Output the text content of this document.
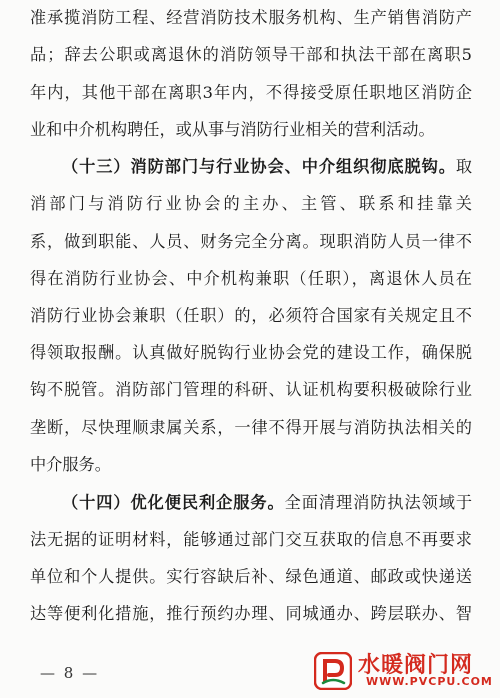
准承揽消防工程、经营消防技术服务机构、生产销售消防产
品；辞去公职或离退休的消防领导干部和执法干部在离职5
年内，其他干部在离职3年内，不得接受原任职地区消防企
业和中介机构聘任，或从事与消防行业相关的营利活动。
（十三）消防部门与行业协会、中介组织彻底脱钩。取
消部门与消防行业协会的主办、主管、联系和挂靠关
系，做到职能、人员、财务完全分离。现职消防人员一律不
得在消防行业协会、中介机构兼职（任职），离退休人员在
消防行业协会兼职（任职）的，必须符合国家有关规定且不
得领取报酬。认真做好脱钩行业协会党的建设工作，确保脱
钩不脱管。消防部门管理的科研、认证机构要积极破除行业
垄断，尽快理顺隶属关系，一律不得开展与消防执法相关的
中介服务。
（十四）优化便民利企服务。全面清理消防执法领域于
法无据的证明材料，能够通过部门交互获取的信息不再要求
单位和个人提供。实行容缺后补、绿色通道、邮政或快递送
达等便利化措施，推行预约办理、同城通办、跨层联办、智
— 8 —	水暖阀门网
WWW.PVCPU.COM
